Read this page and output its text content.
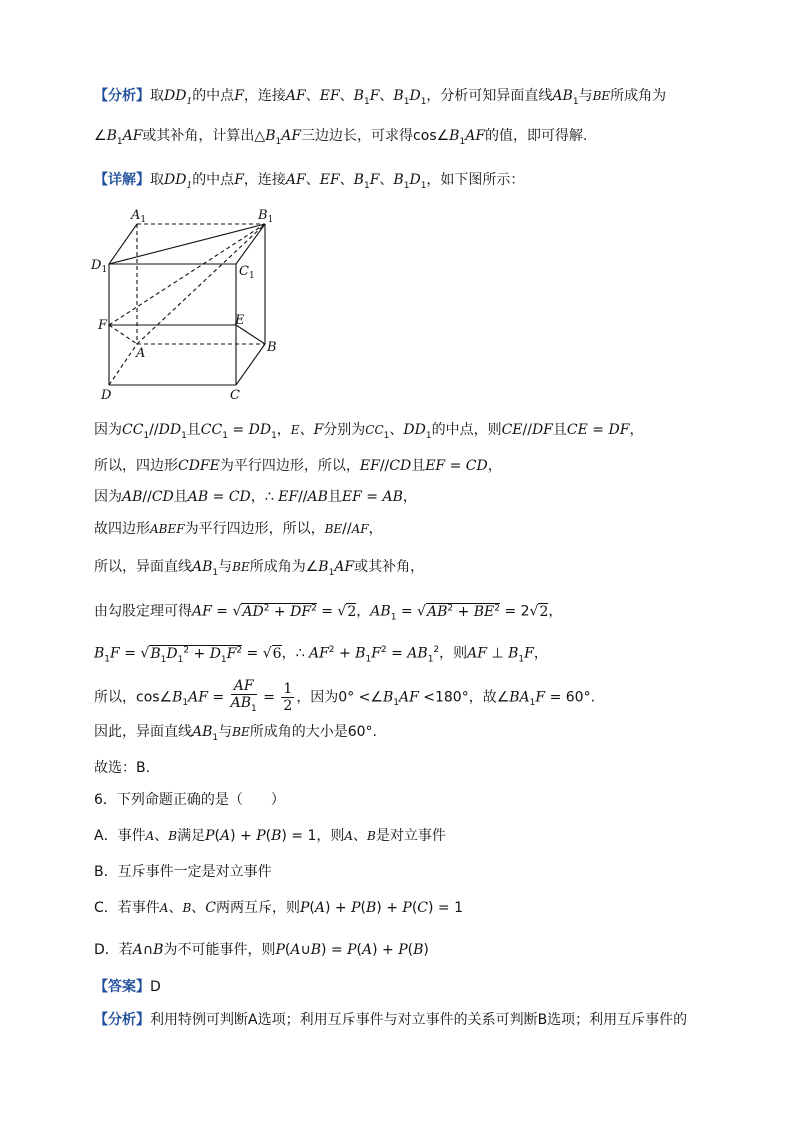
【分析】取$DD_1$的中点F，连接AF、EF、$B_1F$、$B_1D_1$，分析可知异面直线$AB_1$与BE所成角为
$\angle B_1AF$或其补角，计算出$\triangle B_1AF$三边边长，可求得$\cos\angle B_1AF$的值，即可得解.
【详解】取$DD_1$的中点F，连接AF、EF、$B_1F$、$B_1D_1$，如下图所示：
$A_1$	$B_1$
$D_1$	$C_1$
F	E
A	B
D	C
因为$CC_1//DD_1$且$CC_1 = DD_1$，E、F分别为$CC_1$、$DD_1$的中点，则CE//DF且CE = DF，
所以，四边形CDFE为平行四边形，所以，EF//CD且EF = CD，
因为AB//CD且AB = CD，∴ EF//AB且EF = AB，
故四边形ABEF为平行四边形，所以，BE//AF，
所以，异面直线$AB_1$与BE所成角为$\angle B_1AF$或其补角，
由勾股定理可得AF = $√AD^2 + DF^2 = √2$，$AB_1 = √AB^2 + BE^2 = 2√2$，
$B_1F = √B_1D_1^2 + D_1F^2 = √6$，∴ $AF^2 + B_1F^2 = AB_1^2$，则AF ⊥ $B_1F$，
所以，$\cos\angle B_1AF = \frac{AF}{AB_1} = \frac{1}{2}$ ，因为$0^\circ <\angle B_1AF <180^\circ$，故$\angle BA_1F = 60^\circ$.
因此，异面直线$AB_1$与BE所成角的大小是60°.
故选：B.
6．下列命题正确的是（　　）
A．事件A、B满足P(A) + P(B) = 1，则A、B是对立事件
B．互斥事件一定是对立事件
C．若事件A、B、C两两互斥，则P(A) + P(B) + P(C) = 1
D．若A∩B为不可能事件，则P(A∪B) = P(A) + P(B)
【答案】D
【分析】利用特例可判断A选项；利用互斥事件与对立事件的关系可判断B选项；利用互斥事件的
